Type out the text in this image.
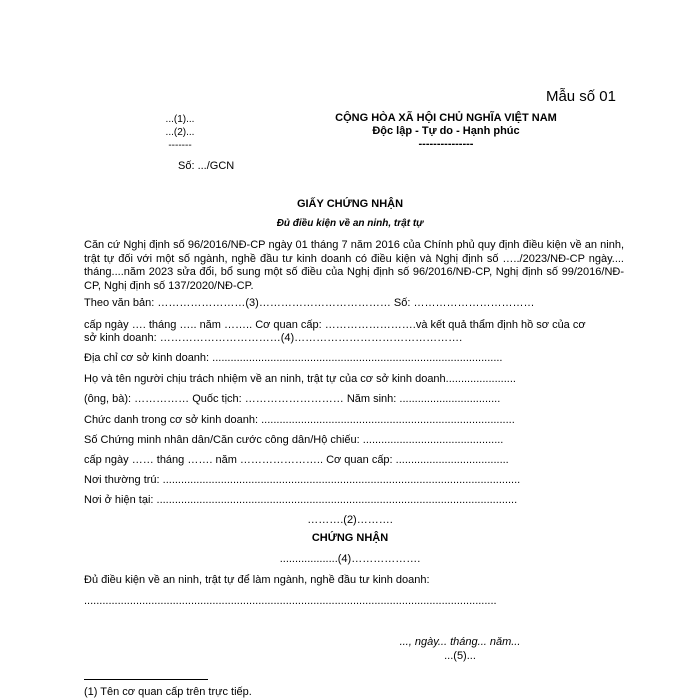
Mẫu số 01
...(1)...
...(2)...
-------
CỘNG HÒA XÃ HỘI CHỦ NGHĨA VIỆT NAM
Độc lập - Tự do - Hạnh phúc
---------------
Số: .../GCN
GIẤY CHỨNG NHẬN
Đủ điều kiện về an ninh, trật tự
Căn cứ Nghị định số 96/2016/NĐ-CP ngày 01 tháng 7 năm 2016 của Chính phủ quy định điều kiện về an ninh, trật tự đối với một số ngành, nghề đầu tư kinh doanh có điều kiện và Nghị định số …../2023/NĐ-CP ngày.... tháng....năm 2023 sửa đổi, bổ sung một số điều của Nghị định số 96/2016/NĐ-CP, Nghị định số 99/2016/NĐ-CP, Nghị định số 137/2020/NĐ-CP.
Theo văn bản: ……………………(3)……………………………… Số: ……………………………
cấp ngày …. tháng ….. năm …….. Cơ quan cấp: …………………….và kết quả thẩm định hồ sơ của cơ
sở kinh doanh: ……………………………(4)……………………………………….
Địa chỉ cơ sở kinh doanh: ...............................................................................................
Họ và tên người chịu trách nhiệm về an ninh, trật tự của cơ sở kinh doanh.......................
(ông, bà): …………… Quốc tịch: ……………………… Năm sinh: .................................
Chức danh trong cơ sở kinh doanh: ...................................................................................
Số Chứng minh nhân dân/Căn cước công dân/Hộ chiếu: ..............................................
cấp ngày …… tháng ……. năm ………………….. Cơ quan cấp: .....................................
Nơi thường trú: .....................................................................................................................
Nơi ở hiện tại: ......................................................................................................................
……….(2)……….
CHỨNG NHẬN
...................(4)……………….
Đủ điều kiện về an ninh, trật tự để làm ngành, nghề đầu tư kinh doanh:
.......................................................................................................................................
..., ngày... tháng... năm...
...(5)...
(1) Tên cơ quan cấp trên trực tiếp.
